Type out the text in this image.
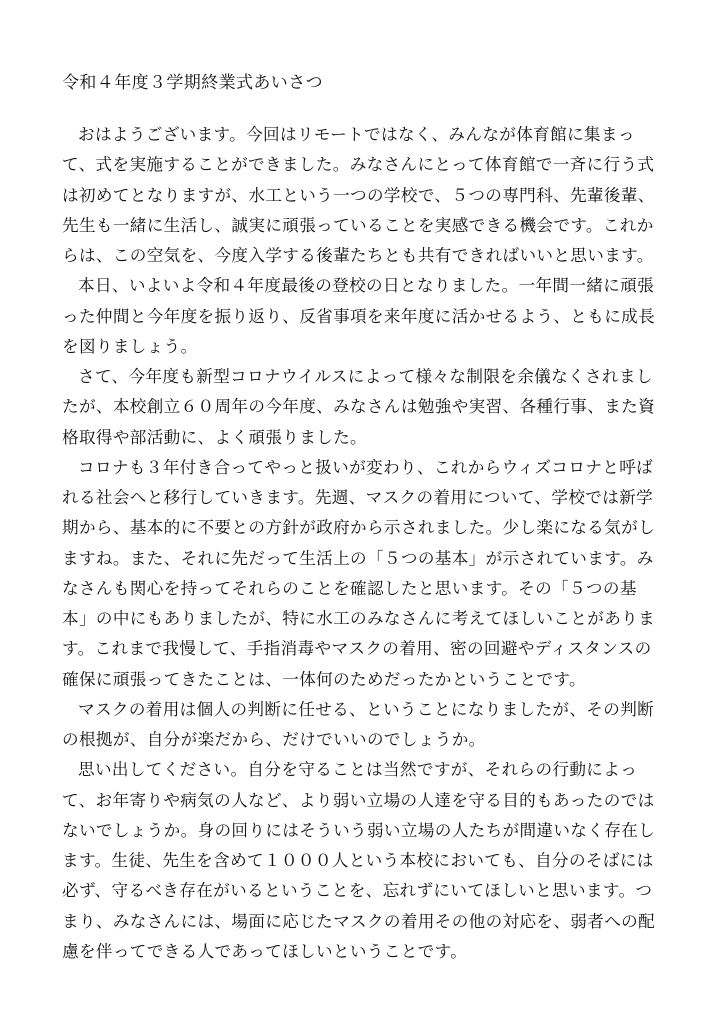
令和４年度３学期終業式あいさつ
おはようございます。今回はリモートではなく、みんなが体育館に集まっ
て、式を実施することができました。みなさんにとって体育館で一斉に行う式
は初めてとなりますが、水工という一つの学校で、５つの専門科、先輩後輩、
先生も一緒に生活し、誠実に頑張っていることを実感できる機会です。これか
らは、この空気を、今度入学する後輩たちとも共有できればいいと思います。
本日、いよいよ令和４年度最後の登校の日となりました。一年間一緒に頑張
った仲間と今年度を振り返り、反省事項を来年度に活かせるよう、ともに成長
を図りましょう。
さて、今年度も新型コロナウイルスによって様々な制限を余儀なくされまし
たが、本校創立６０周年の今年度、みなさんは勉強や実習、各種行事、また資
格取得や部活動に、よく頑張りました。
コロナも３年付き合ってやっと扱いが変わり、これからウィズコロナと呼ば
れる社会へと移行していきます。先週、マスクの着用について、学校では新学
期から、基本的に不要との方針が政府から示されました。少し楽になる気がし
ますね。また、それに先だって生活上の「５つの基本」が示されています。み
なさんも関心を持ってそれらのことを確認したと思います。その「５つの基
本」の中にもありましたが、特に水工のみなさんに考えてほしいことがありま
す。これまで我慢して、手指消毒やマスクの着用、密の回避やディスタンスの
確保に頑張ってきたことは、一体何のためだったかということです。
マスクの着用は個人の判断に任せる、ということになりましたが、その判断
の根拠が、自分が楽だから、だけでいいのでしょうか。
思い出してください。自分を守ることは当然ですが、それらの行動によっ
て、お年寄りや病気の人など、より弱い立場の人達を守る目的もあったのでは
ないでしょうか。身の回りにはそういう弱い立場の人たちが間違いなく存在し
ます。生徒、先生を含めて１０００人という本校においても、自分のそばには
必ず、守るべき存在がいるということを、忘れずにいてほしいと思います。つ
まり、みなさんには、場面に応じたマスクの着用その他の対応を、弱者への配
慮を伴ってできる人であってほしいということです。
